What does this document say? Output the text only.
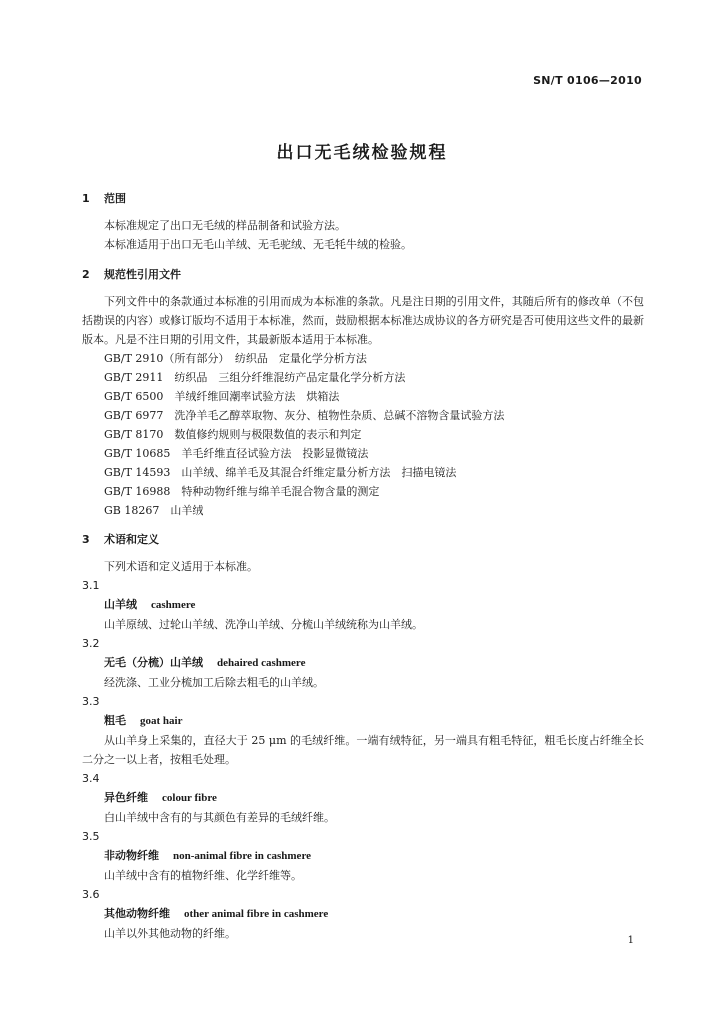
SN/T 0106—2010
出口无毛绒检验规程
1 范围
本标准规定了出口无毛绒的样品制备和试验方法。
本标准适用于出口无毛山羊绒、无毛驼绒、无毛牦牛绒的检验。
2 规范性引用文件
下列文件中的条款通过本标准的引用而成为本标准的条款。凡是注日期的引用文件，其随后所有的修改单（不包括勘误的内容）或修订版均不适用于本标准，然而，鼓励根据本标准达成协议的各方研究是否可使用这些文件的最新版本。凡是不注日期的引用文件，其最新版本适用于本标准。
GB/T 2910（所有部分）　纺织品　定量化学分析方法
GB/T 2911　纺织品　三组分纤维混纺产品定量化学分析方法
GB/T 6500　羊绒纤维回潮率试验方法　烘箱法
GB/T 6977　洗净羊毛乙醇萃取物、灰分、植物性杂质、总碱不溶物含量试验方法
GB/T 8170　数值修约规则与极限数值的表示和判定
GB/T 10685　羊毛纤维直径试验方法　投影显微镜法
GB/T 14593　山羊绒、绵羊毛及其混合纤维定量分析方法　扫描电镜法
GB/T 16988　特种动物纤维与绵羊毛混合物含量的测定
GB 18267　山羊绒
3 术语和定义
下列术语和定义适用于本标准。
3.1
山羊绒 cashmere
山羊原绒、过轮山羊绒、洗净山羊绒、分梳山羊绒统称为山羊绒。
3.2
无毛（分梳）山羊绒 dehaired cashmere
经洗涤、工业分梳加工后除去粗毛的山羊绒。
3.3
粗毛 goat hair
从山羊身上采集的，直径大于 25 μm 的毛绒纤维。一端有绒特征，另一端具有粗毛特征，粗毛长度占纤维全长二分之一以上者，按粗毛处理。
3.4
异色纤维 colour fibre
白山羊绒中含有的与其颜色有差异的毛绒纤维。
3.5
非动物纤维 non-animal fibre in cashmere
山羊绒中含有的植物纤维、化学纤维等。
3.6
其他动物纤维 other animal fibre in cashmere
山羊以外其他动物的纤维。
1
